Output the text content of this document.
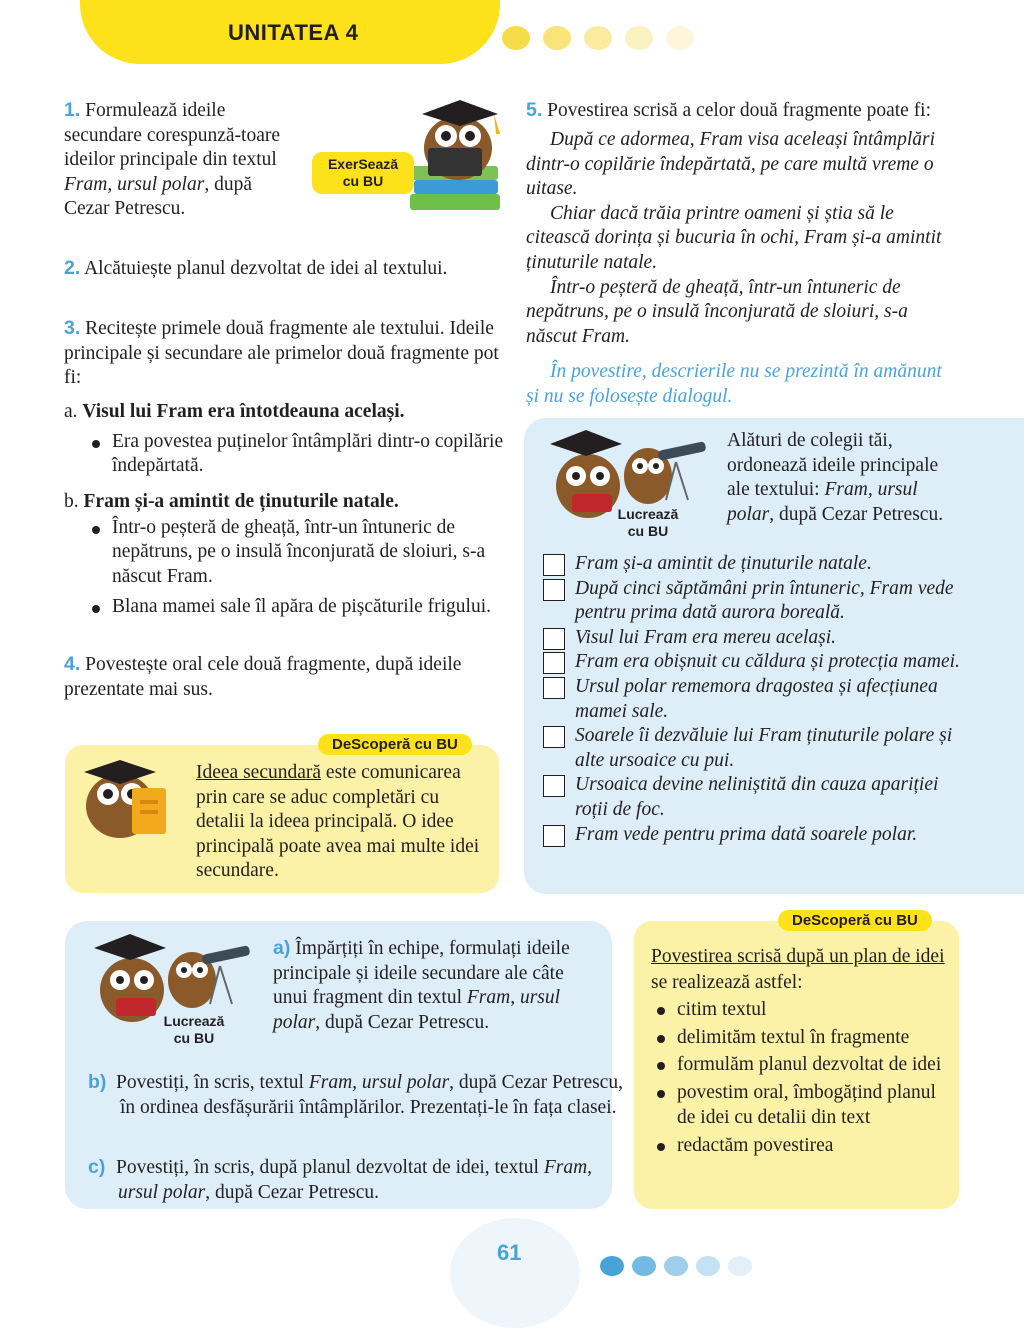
UNITATEA 4
1. Formulează ideile secundare corespunză-toare ideilor principale din textul Fram, ursul polar, după Cezar Petrescu.
ExerSează cu BU
2. Alcătuiește planul dezvoltat de idei al textului.
3. Recitește primele două fragmente ale textului. Ideile principale și secundare ale primelor două fragmente pot fi:
a. Visul lui Fram era întotdeauna același.
Era povestea puținelor întâmplări dintr-o copilărie îndepărtată.
b. Fram și-a amintit de ținuturile natale.
Într-o peșteră de gheață, într-un întuneric de nepătruns, pe o insulă înconjurată de sloiuri, s-a născut Fram.
Blana mamei sale îl apăra de pișcăturile frigului.
4. Povestește oral cele două fragmente, după ideile prezentate mai sus.
DeScoperă cu BU
Ideea secundară este comunicarea prin care se aduc completări cu detalii la ideea principală. O idee principală poate avea mai multe idei secundare.
5. Povestirea scrisă a celor două fragmente poate fi:
După ce adormea, Fram visa aceleași întâmplări dintr-o copilărie îndepărtată, pe care multă vreme o uitase.
Chiar dacă trăia printre oameni și știa să le citească dorința și bucuria în ochi, Fram și-a amintit ținuturile natale.
Într-o peșteră de gheață, într-un întuneric de nepătruns, pe o insulă înconjurată de sloiuri, s-a născut Fram.
În povestire, descrierile nu se prezintă în amănunt și nu se folosește dialogul.
Lucrează cu BU
Alături de colegii tăi, ordonează ideile principale ale textului: Fram, ursul polar, după Cezar Petrescu.
Fram și-a amintit de ținuturile natale.
După cinci săptămâni prin întuneric, Fram vede pentru prima dată aurora boreală.
Visul lui Fram era mereu același.
Fram era obișnuit cu căldura și protecția mamei.
Ursul polar rememora dragostea și afecțiunea mamei sale.
Soarele îi dezvăluie lui Fram ținuturile polare și alte ursoaice cu pui.
Ursoaica devine neliniștită din cauza apariției roții de foc.
Fram vede pentru prima dată soarele polar.
Lucrează cu BU
a) Împărțiți în echipe, formulați ideile principale și ideile secundare ale câte unui fragment din textul Fram, ursul polar, după Cezar Petrescu.
b) Povestiți, în scris, textul Fram, ursul polar, după Cezar Petrescu, în ordinea desfășurării întâmplărilor. Prezentați-le în fața clasei.
c) Povestiți, în scris, după planul dezvoltat de idei, textul Fram, ursul polar, după Cezar Petrescu.
DeScoperă cu BU
Povestirea scrisă după un plan de idei se realizează astfel:
citim textul
delimităm textul în fragmente
formulăm planul dezvoltat de idei
povestim oral, îmbogățind planul de idei cu detalii din text
redactăm povestirea
61
